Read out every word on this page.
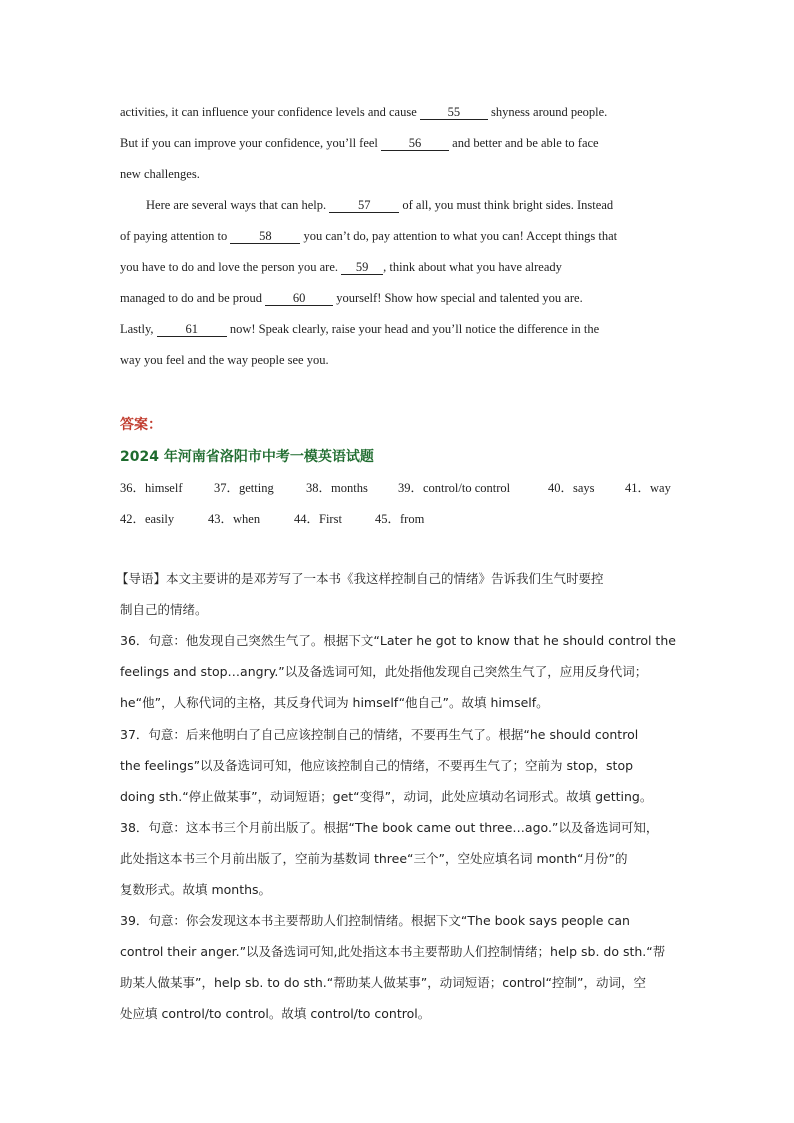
activities, it can influence your confidence levels and cause 55 shyness around people.
But if you can improve your confidence, you’ll feel 56 and better and be able to face
new challenges.
Here are several ways that can help. 57 of all, you must think bright sides. Instead
of paying attention to 58 you can’t do, pay attention to what you can! Accept things that
you have to do and love the person you are. 59 , think about what you have already
managed to do and be proud 60 yourself! Show how special and talented you are.
Lastly, 61 now! Speak clearly, raise your head and you’ll notice the difference in the
way you feel and the way people see you.
答案：
2024 年河南省洛阳市中考一模英语试题
36．himself	37．getting	38．months 39．control/to control	40．says 41．way
42．easily	43．when	44．First	45．from
【导语】本文主要讲的是邓芳写了一本书《我这样控制自己的情绪》告诉我们生气时要控
制自己的情绪。
36．句意：他发现自己突然生气了。根据下文“Later he got to know that he should control the
feelings and stop…angry.”以及备选词可知，此处指他发现自己突然生气了，应用反身代词；
he“他”，人称代词的主格，其反身代词为 himself“他自己”。故填 himself。
37．句意：后来他明白了自己应该控制自己的情绪，不要再生气了。根据“he should control
the feelings”以及备选词可知，他应该控制自己的情绪，不要再生气了；空前为 stop，stop
doing sth.“停止做某事”，动词短语；get“变得”，动词，此处应填动名词形式。故填 getting。
38．句意：这本书三个月前出版了。根据“The book came out three…ago.”以及备选词可知，
此处指这本书三个月前出版了，空前为基数词 three“三个”，空处应填名词 month“月份”的
复数形式。故填 months。
39．句意：你会发现这本书主要帮助人们控制情绪。根据下文“The book says people can
control their anger.”以及备选词可知,此处指这本书主要帮助人们控制情绪；help sb. do sth.“帮
助某人做某事”，help sb. to do sth.“帮助某人做某事”，动词短语；control“控制”，动词，空
处应填 control/to control。故填 control/to control。
